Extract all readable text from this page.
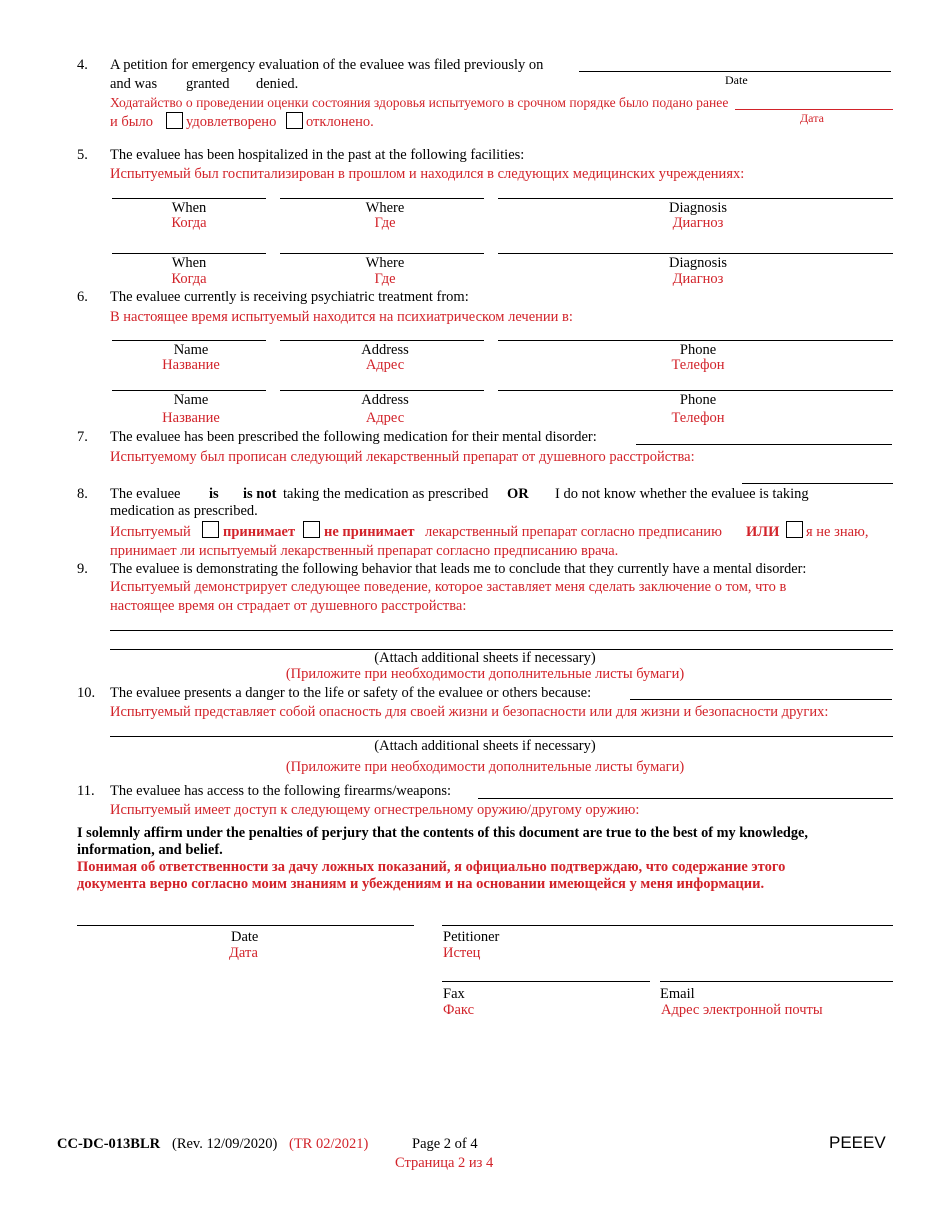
4. A petition for emergency evaluation of the evaluee was filed previously on
Date
and was granted denied.
Ходатайство о проведении оценки состояния здоровья испытуемого в срочном порядке было подано ранее
Дата
и было удовлетворено отклонено.
5. The evaluee has been hospitalized in the past at the following facilities:
Испытуемый был госпитализирован в прошлом и находился в следующих медицинских учреждениях:
When	Where	Diagnosis
Когда	Где	Диагноз
When	Where	Diagnosis
Когда	Где	Диагноз
6. The evaluee currently is receiving psychiatric treatment from:
В настоящее время испытуемый находится на психиатрическом лечении в:
Name	Address	Phone
Название	Адрес	Телефон
Name	Address	Phone
Название	Адрес	Телефон
7. The evaluee has been prescribed the following medication for their mental disorder:
Испытуемому был прописан следующий лекарственный препарат от душевного расстройства:
8. The evaluee is is not taking the medication as prescribed OR I do not know whether the evaluee is taking
medication as prescribed.
Испытуемый принимает не принимает лекарственный препарат согласно предписанию ИЛИ я не знаю,
принимает ли испытуемый лекарственный препарат согласно предписанию врача.
9. The evaluee is demonstrating the following behavior that leads me to conclude that they currently have a mental disorder:
Испытуемый демонстрирует следующее поведение, которое заставляет меня сделать заключение о том, что в
настоящее время он страдает от душевного расстройства:
(Attach additional sheets if necessary)
(Приложите при необходимости дополнительные листы бумаги)
10. The evaluee presents a danger to the life or safety of the evaluee or others because:
Испытуемый представляет собой опасность для своей жизни и безопасности или для жизни и безопасности других:
(Attach additional sheets if necessary)
(Приложите при необходимости дополнительные листы бумаги)
11. The evaluee has access to the following firearms/weapons:
Испытуемый имеет доступ к следующему огнестрельному оружию/другому оружию:
I solemnly affirm under the penalties of perjury that the contents of this document are true to the best of my knowledge,
information, and belief.
Понимая об ответственности за дачу ложных показаний, я официально подтверждаю, что содержание этого
документа верно согласно моим знаниям и убеждениям и на основании имеющейся у меня информации.
Date
Дата
Petitioner
Истец
Fax
Факс
Email
Адрес электронной почты
CC-DC-013BLR (Rev. 12/09/2020) (TR 02/2021)	Page 2 of 4
Страница 2 из 4
PEEEV
